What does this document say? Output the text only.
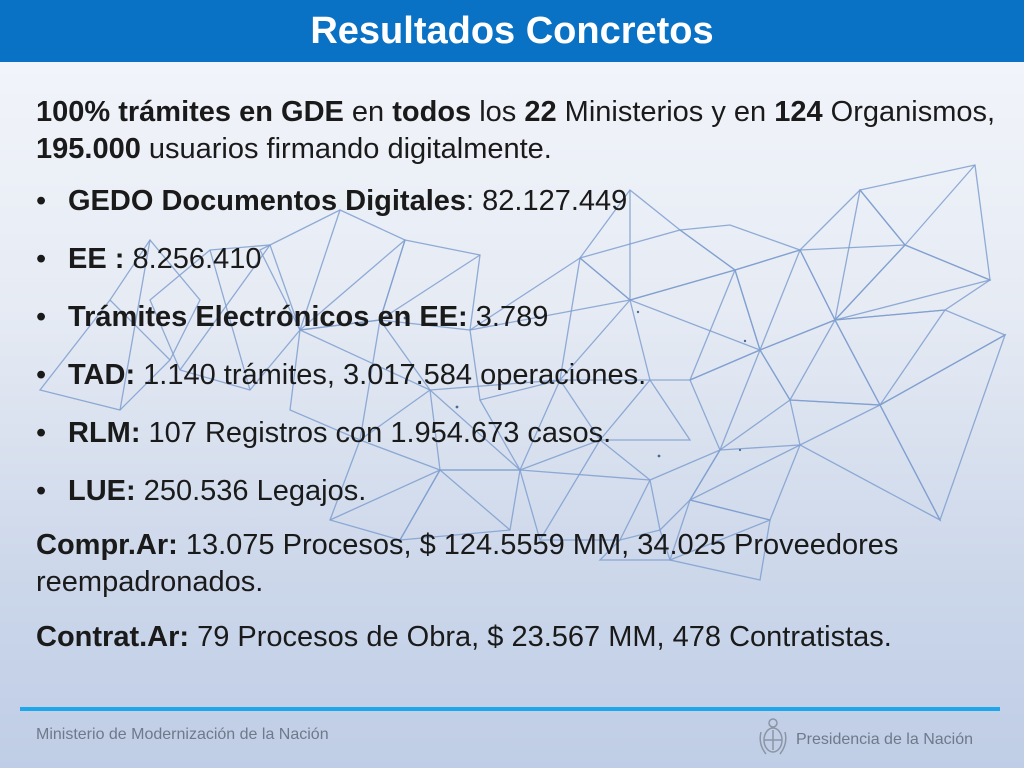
Resultados Concretos

100% trámites en GDE en todos los 22 Ministerios y en 124 Organismos, 195.000 usuarios firmando digitalmente.

• GEDO Documentos Digitales: 82.127.449
• EE : 8.256.410
• Trámites Electrónicos en EE: 3.789
• TAD: 1.140 trámites, 3.017.584 operaciones.
• RLM: 107 Registros con 1.954.673 casos.
• LUE: 250.536 Legajos.

Compr.Ar: 13.075 Procesos, $ 124.5559 MM, 34.025 Proveedores reempadronados.

Contrat.Ar: 79 Procesos de Obra, $ 23.567 MM, 478 Contratistas.

Ministerio de Modernización de la Nación	Presidencia de la Nación
